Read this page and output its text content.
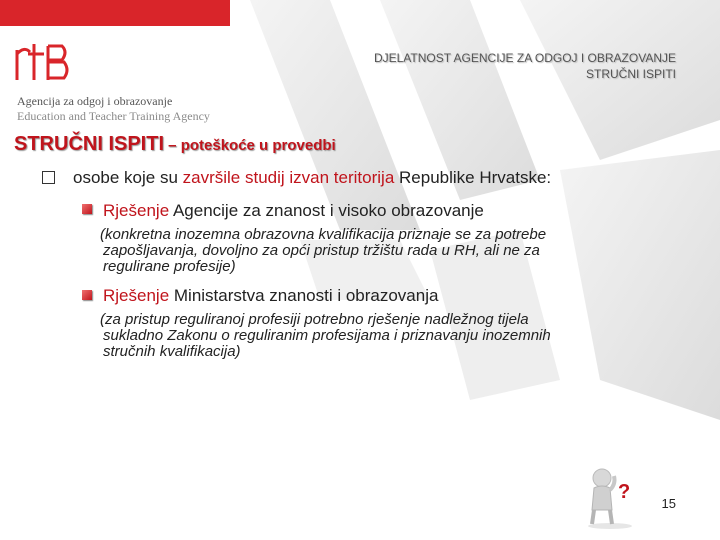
Agencija za odgoj i obrazovanje
Education and Teacher Training Agency
DJELATNOST AGENCIJE ZA ODGOJ I OBRAZOVANJE
STRUČNI ISPITI
STRUČNI ISPITI – poteškoće u provedbi
osobe koje su završile studij izvan teritorija Republike Hrvatske:
Rješenje Agencije za znanost i visoko obrazovanje
(konkretna inozemna obrazovna kvalifikacija priznaje se za potrebe
zapošljavanja, dovoljno za opći pristup tržištu rada u RH, ali ne za
regulirane profesije)
Rješenje Ministarstva znanosti i obrazovanja
(za pristup reguliranoj profesiji potrebno rješenje nadležnog tijela
sukladno Zakonu o reguliranim profesijama i priznavanju inozemnih
stručnih kvalifikacija)
?
15
